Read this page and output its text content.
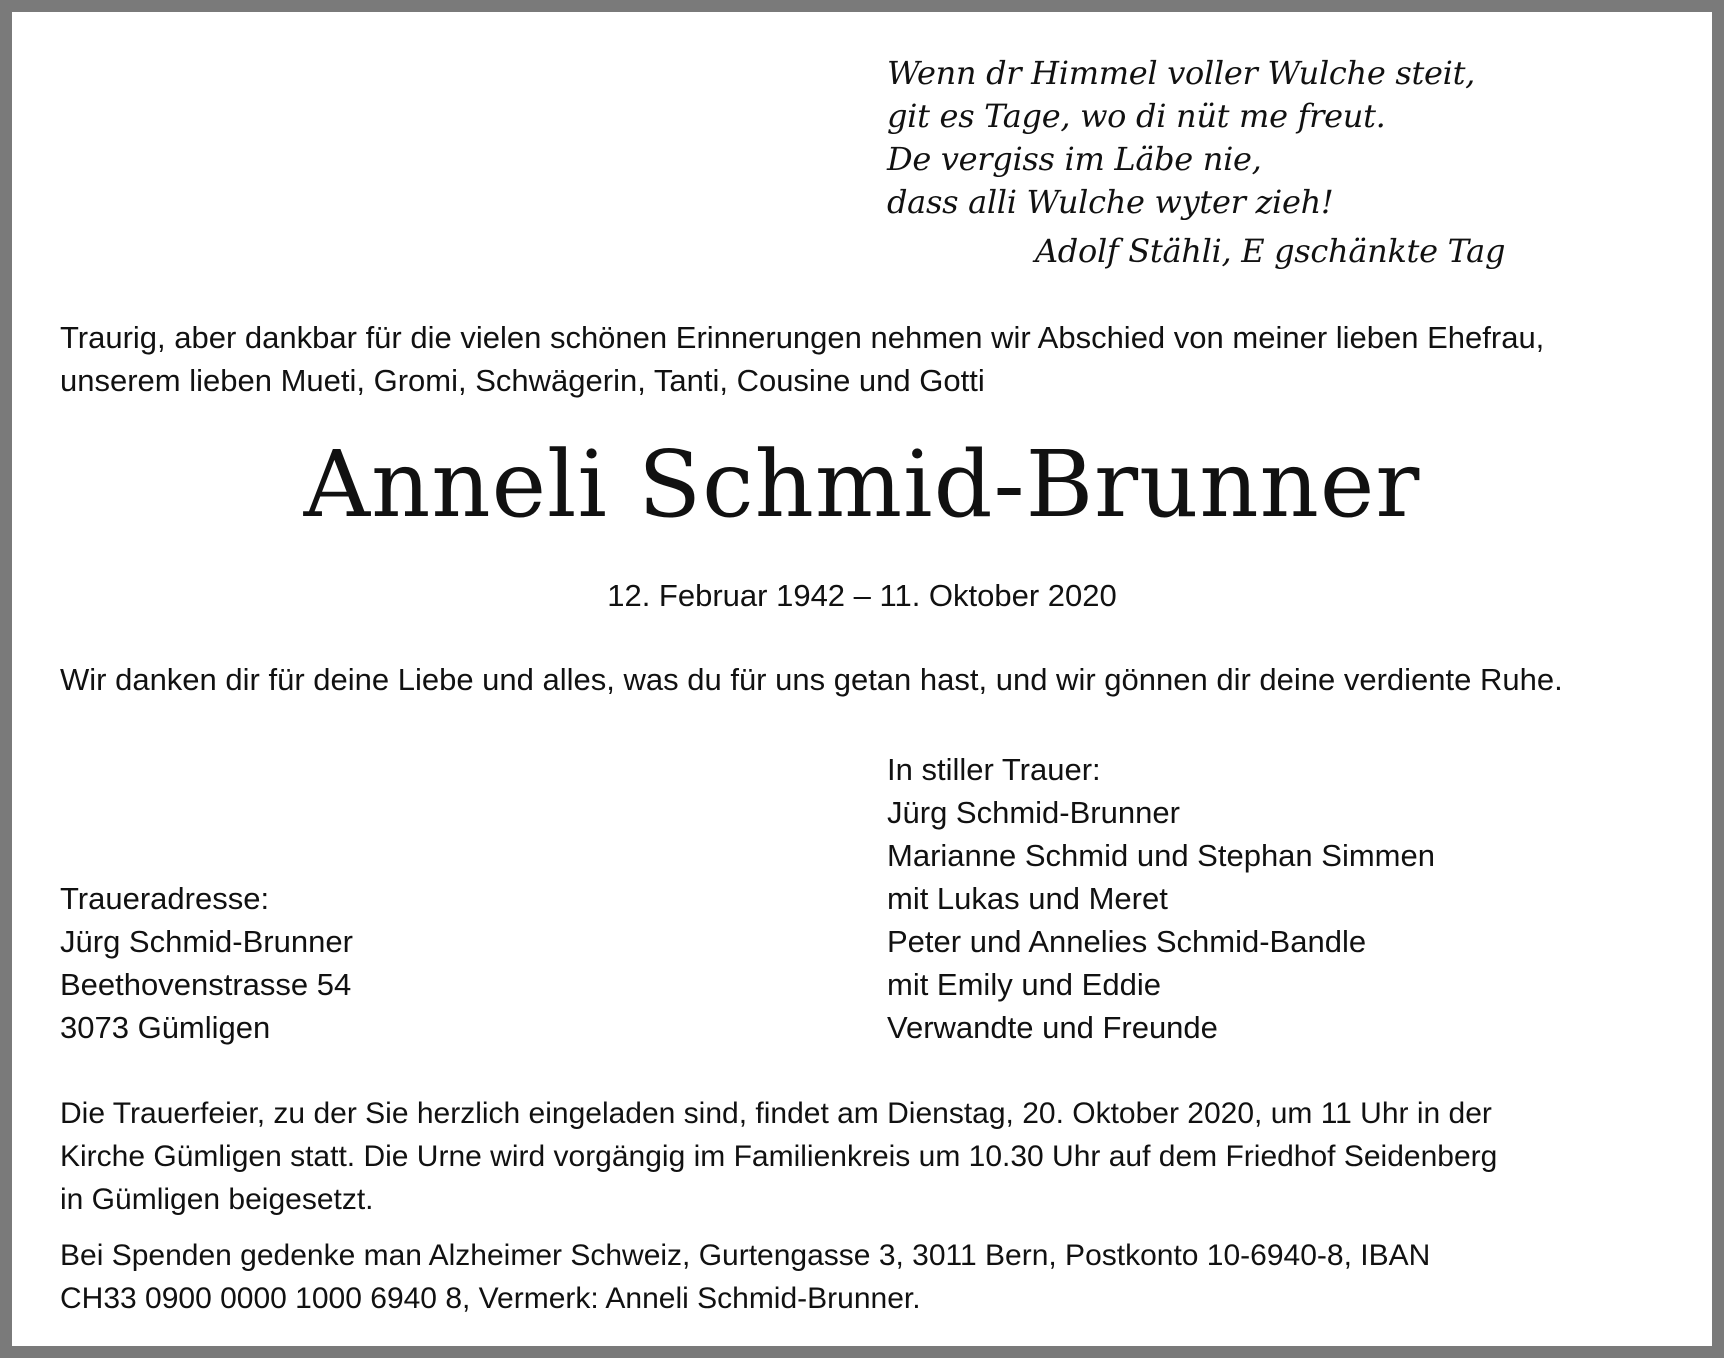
Wenn dr Himmel voller Wulche steit,
git es Tage, wo di nüt me freut.
De vergiss im Läbe nie,
dass alli Wulche wyter zieh!
Adolf Stähli, E gschänkte Tag
Traurig, aber dankbar für die vielen schönen Erinnerungen nehmen wir Abschied von meiner lieben Ehefrau,
unserem lieben Mueti, Gromi, Schwägerin, Tanti, Cousine und Gotti
Anneli Schmid-Brunner
12. Februar 1942 – 11. Oktober 2020
Wir danken dir für deine Liebe und alles, was du für uns getan hast, und wir gönnen dir deine verdiente Ruhe.
In stiller Trauer:
Jürg Schmid-Brunner
Marianne Schmid und Stephan Simmen
mit Lukas und Meret
Peter und Annelies Schmid-Bandle
mit Emily und Eddie
Verwandte und Freunde
Traueradresse:
Jürg Schmid-Brunner
Beethovenstrasse 54
3073 Gümligen
Die Trauerfeier, zu der Sie herzlich eingeladen sind, findet am Dienstag, 20. Oktober 2020, um 11 Uhr in der
Kirche Gümligen statt. Die Urne wird vorgängig im Familienkreis um 10.30 Uhr auf dem Friedhof Seidenberg
in Gümligen beigesetzt.
Bei Spenden gedenke man Alzheimer Schweiz, Gurtengasse 3, 3011 Bern, Postkonto 10-6940-8, IBAN
CH33 0900 0000 1000 6940 8, Vermerk: Anneli Schmid-Brunner.
